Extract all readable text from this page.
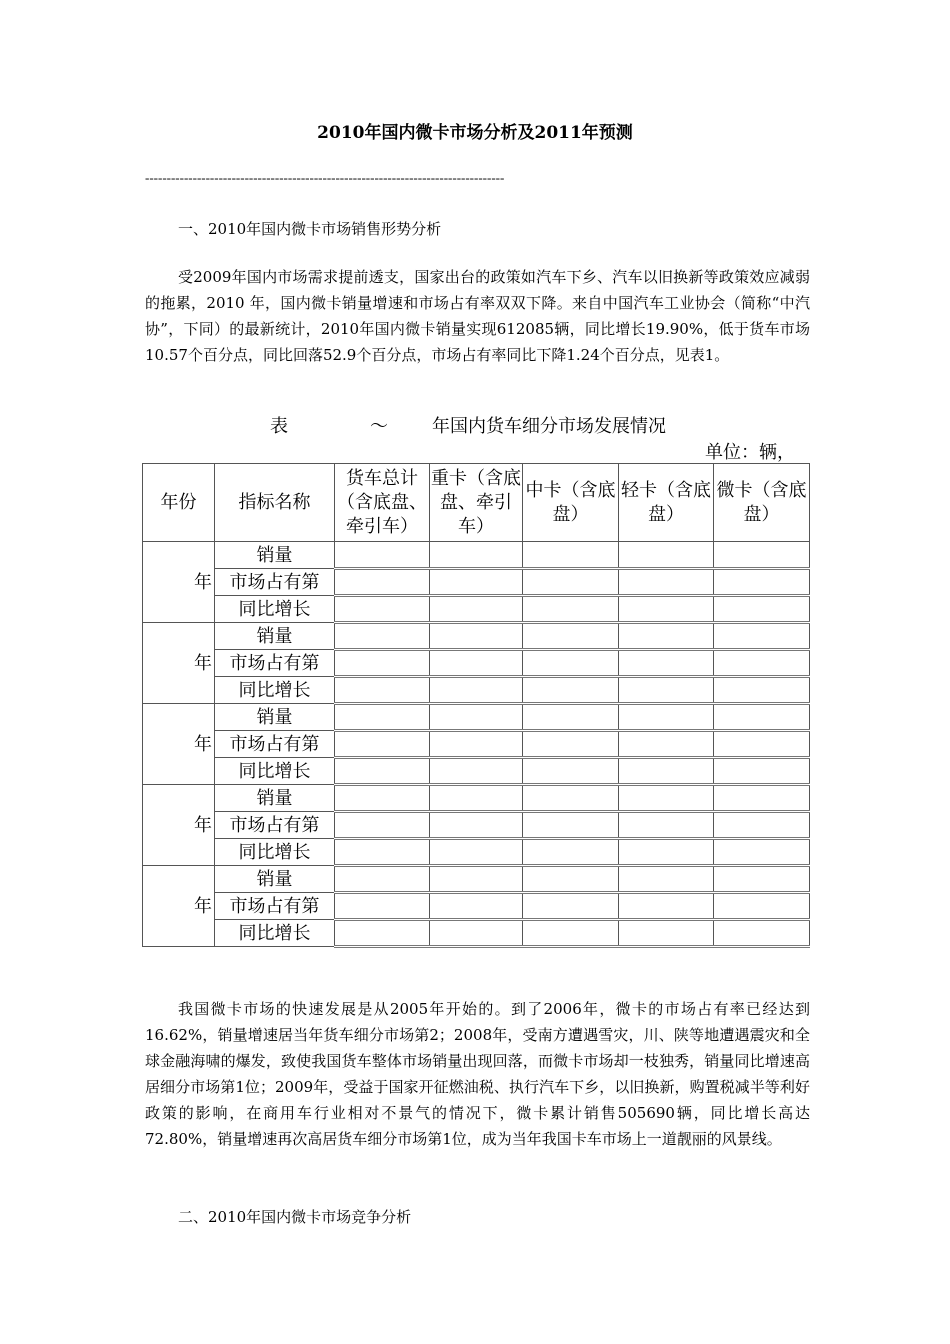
2010年国内微卡市场分析及2011年预测
-----------------------------------------------------------------------------------
一、2010年国内微卡市场销售形势分析
受2009年国内市场需求提前透支，国家出台的政策如汽车下乡、汽车以旧换新等政策效应减弱的拖累，2010 年，国内微卡销量增速和市场占有率双双下降。来自中国汽车工业协会（简称“中汽协”，下同）的最新统计，2010年国内微卡销量实现612085辆，同比增长19.90%，低于货车市场10.57个百分点，同比回落52.9个百分点，市场占有率同比下降1.24个百分点，见表1。
表	～ 年国内货车细分市场发展情况
单位：辆，
年份	指标名称	货车总计（含底盘、牵引车）	重卡（含底盘、牵引车）	中卡（含底盘）	轻卡（含底盘）	微卡（含底盘）
年	销量					
	市场占有第					
	同比增长					
年	销量					
	市场占有第					
	同比增长					
年	销量					
	市场占有第					
	同比增长					
年	销量					
	市场占有第					
	同比增长					
年	销量					
	市场占有第					
	同比增长					
我国微卡市场的快速发展是从2005年开始的。到了2006年，微卡的市场占有率已经达到16.62%，销量增速居当年货车细分市场第2；2008年，受南方遭遇雪灾，川、陕等地遭遇震灾和全球金融海啸的爆发，致使我国货车整体市场销量出现回落，而微卡市场却一枝独秀，销量同比增速高居细分市场第1位；2009年，受益于国家开征燃油税、执行汽车下乡，以旧换新，购置税减半等利好政策的影响，在商用车行业相对不景气的情况下，微卡累计销售505690辆，同比增长高达72.80%，销量增速再次高居货车细分市场第1位，成为当年我国卡车市场上一道靓丽的风景线。
二、2010年国内微卡市场竞争分析
